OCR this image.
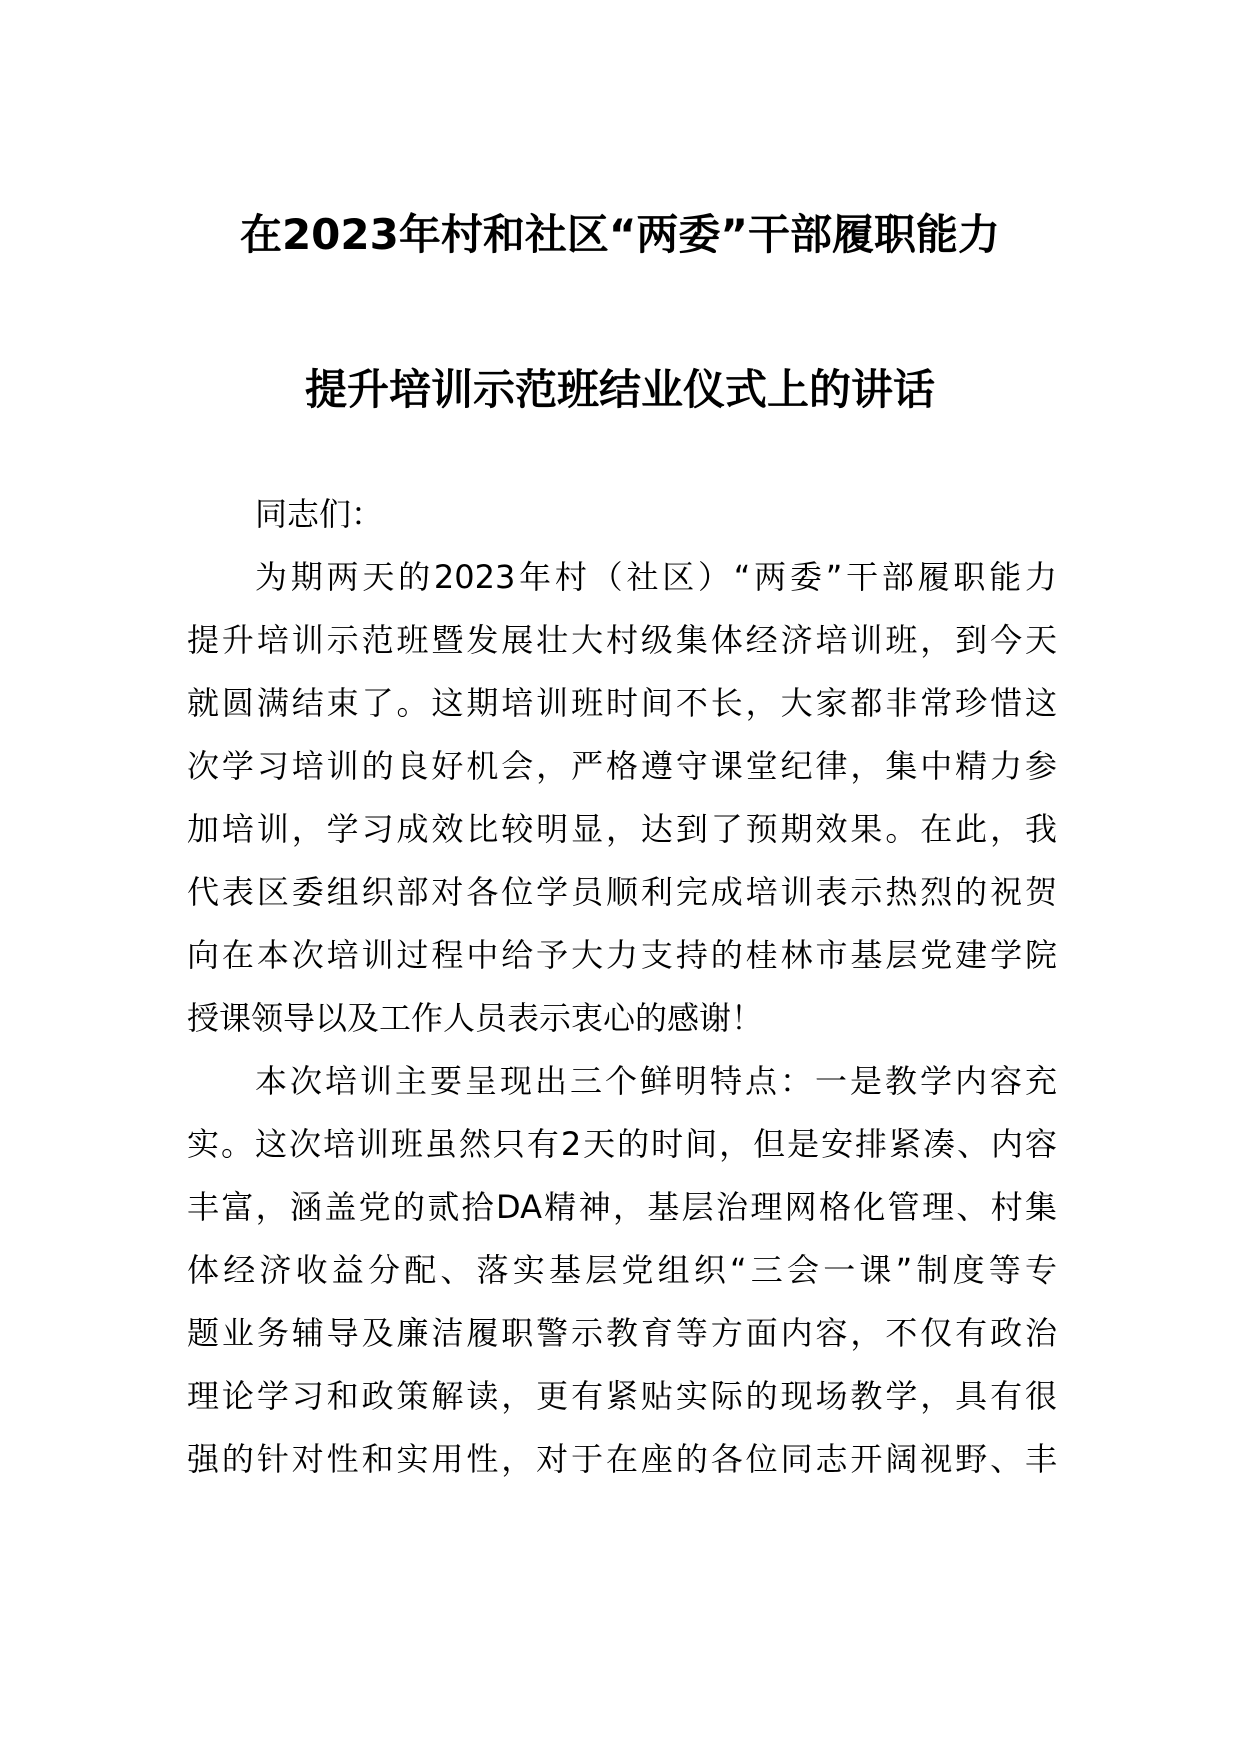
在2023年村和社区“两委”干部履职能力
提升培训示范班结业仪式上的讲话
同志们：
为期两天的2023年村（社区）“两委”干部履职能力
提升培训示范班暨发展壮大村级集体经济培训班，到今天
就圆满结束了。这期培训班时间不长，大家都非常珍惜这
次学习培训的良好机会，严格遵守课堂纪律，集中精力参
加培训，学习成效比较明显，达到了预期效果。在此，我
代表区委组织部对各位学员顺利完成培训表示热烈的祝贺
向在本次培训过程中给予大力支持的桂林市基层党建学院
授课领导以及工作人员表示衷心的感谢！
本次培训主要呈现出三个鲜明特点：一是教学内容充
实。这次培训班虽然只有2天的时间，但是安排紧凑、内容
丰富，涵盖党的贰拾DA精神，基层治理网格化管理、村集
体经济收益分配、落实基层党组织“三会一课”制度等专
题业务辅导及廉洁履职警示教育等方面内容，不仅有政治
理论学习和政策解读，更有紧贴实际的现场教学，具有很
强的针对性和实用性，对于在座的各位同志开阔视野、丰
